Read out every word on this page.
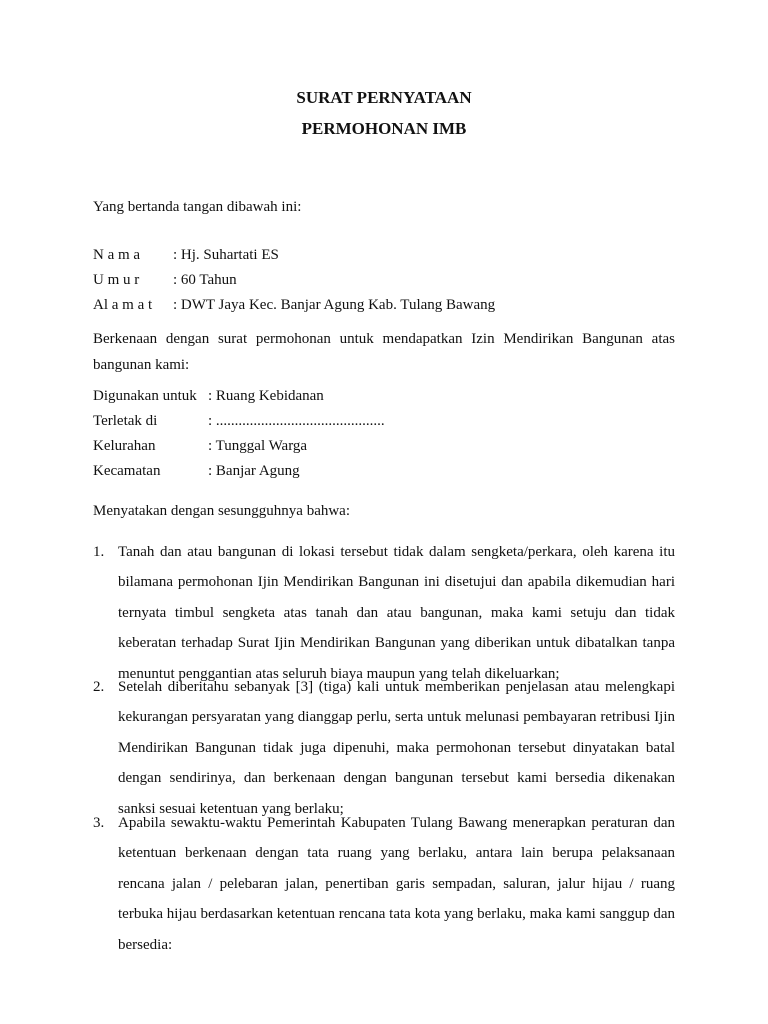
SURAT PERNYATAAN
PERMOHONAN IMB
Yang bertanda tangan dibawah ini:
N a m a : Hj. Suhartati ES
U m u r : 60 Tahun
Al a m a t : DWT Jaya Kec. Banjar Agung Kab. Tulang Bawang
Berkenaan dengan surat permohonan untuk mendapatkan Izin Mendirikan Bangunan atas bangunan kami:
Digunakan untuk : Ruang Kebidanan
Terletak di	: .............................................
Kelurahan	: Tunggal Warga
Kecamatan	: Banjar Agung
Menyatakan dengan sesungguhnya bahwa:
1. Tanah dan atau bangunan di lokasi tersebut tidak dalam sengketa/perkara, oleh karena itu bilamana permohonan Ijin Mendirikan Bangunan ini disetujui dan apabila dikemudian hari ternyata timbul sengketa atas tanah dan atau bangunan, maka kami setuju dan tidak keberatan terhadap Surat Ijin Mendirikan Bangunan yang diberikan untuk dibatalkan tanpa menuntut penggantian atas seluruh biaya maupun yang telah dikeluarkan;
2. Setelah diberitahu sebanyak [3] (tiga) kali untuk memberikan penjelasan atau melengkapi kekurangan persyaratan yang dianggap perlu, serta untuk melunasi pembayaran retribusi Ijin Mendirikan Bangunan tidak juga dipenuhi, maka permohonan tersebut dinyatakan batal dengan sendirinya, dan berkenaan dengan bangunan tersebut kami bersedia dikenakan sanksi sesuai ketentuan yang berlaku;
3. Apabila sewaktu-waktu Pemerintah Kabupaten Tulang Bawang menerapkan peraturan dan ketentuan berkenaan dengan tata ruang yang berlaku, antara lain berupa pelaksanaan rencana jalan / pelebaran jalan, penertiban garis sempadan, saluran, jalur hijau / ruang terbuka hijau berdasarkan ketentuan rencana tata kota yang berlaku, maka kami sanggup dan bersedia:
